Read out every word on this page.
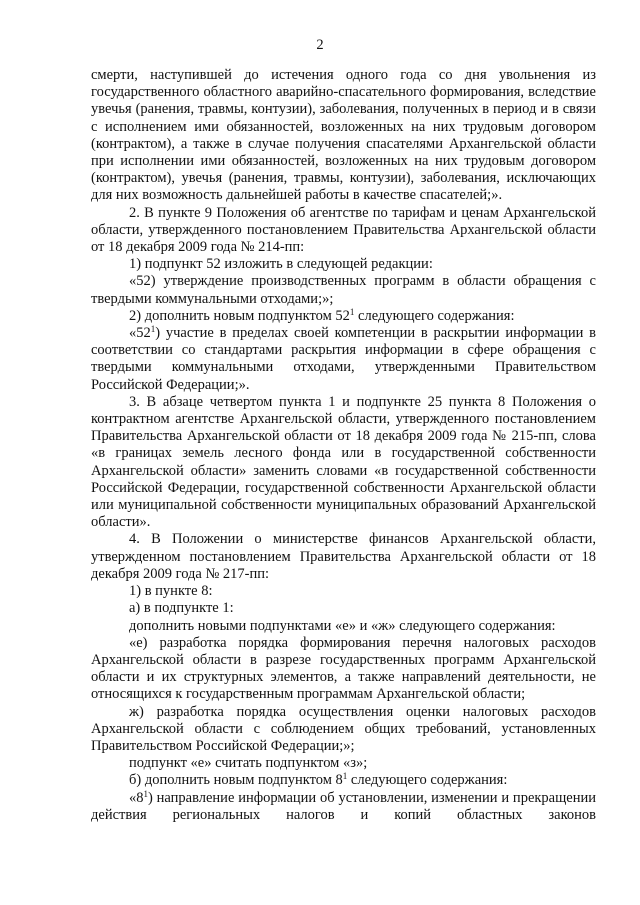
2

смерти, наступившей до истечения одного года со дня увольнения из государственного областного аварийно-спасательного формирования, вследствие увечья (ранения, травмы, контузии), заболевания, полученных в период и в связи с исполнением ими обязанностей, возложенных на них трудовым договором (контрактом), а также в случае получения спасателями Архангельской области при исполнении ими обязанностей, возложенных на них трудовым договором (контрактом), увечья (ранения, травмы, контузии), заболевания, исключающих для них возможность дальнейшей работы в качестве спасателей;».

2. В пункте 9 Положения об агентстве по тарифам и ценам Архангельской области, утвержденного постановлением Правительства Архангельской области от 18 декабря 2009 года № 214-пп:

1) подпункт 52 изложить в следующей редакции:

«52) утверждение производственных программ в области обращения с твердыми коммунальными отходами;»;

2) дополнить новым подпунктом $52^1$ следующего содержания:

«$52^1$) участие в пределах своей компетенции в раскрытии информации в соответствии со стандартами раскрытия информации в сфере обращения с твердыми коммунальными отходами, утвержденными Правительством Российской Федерации;».

3. В абзаце четвертом пункта 1 и подпункте 25 пункта 8 Положения о контрактном агентстве Архангельской области, утвержденного постановлением Правительства Архангельской области от 18 декабря 2009 года № 215-пп, слова «в границах земель лесного фонда или в государственной собственности Архангельской области» заменить словами «в государственной собственности Российской Федерации, государственной собственности Архангельской области или муниципальной собственности муниципальных образований Архангельской области».

4. В Положении о министерстве финансов Архангельской области, утвержденном постановлением Правительства Архангельской области от 18 декабря 2009 года № 217-пп:

1) в пункте 8:

а) в подпункте 1:

дополнить новыми подпунктами «е» и «ж» следующего содержания:

«е) разработка порядка формирования перечня налоговых расходов Архангельской области в разрезе государственных программ Архангельской области и их структурных элементов, а также направлений деятельности, не относящихся к государственным программам Архангельской области;

ж) разработка порядка осуществления оценки налоговых расходов Архангельской области с соблюдением общих требований, установленных Правительством Российской Федерации;»;

подпункт «е» считать подпунктом «з»;

б) дополнить новым подпунктом $8^1$ следующего содержания:

«$8^1$) направление информации об установлении, изменении и прекращении действия региональных налогов и копий областных законов
